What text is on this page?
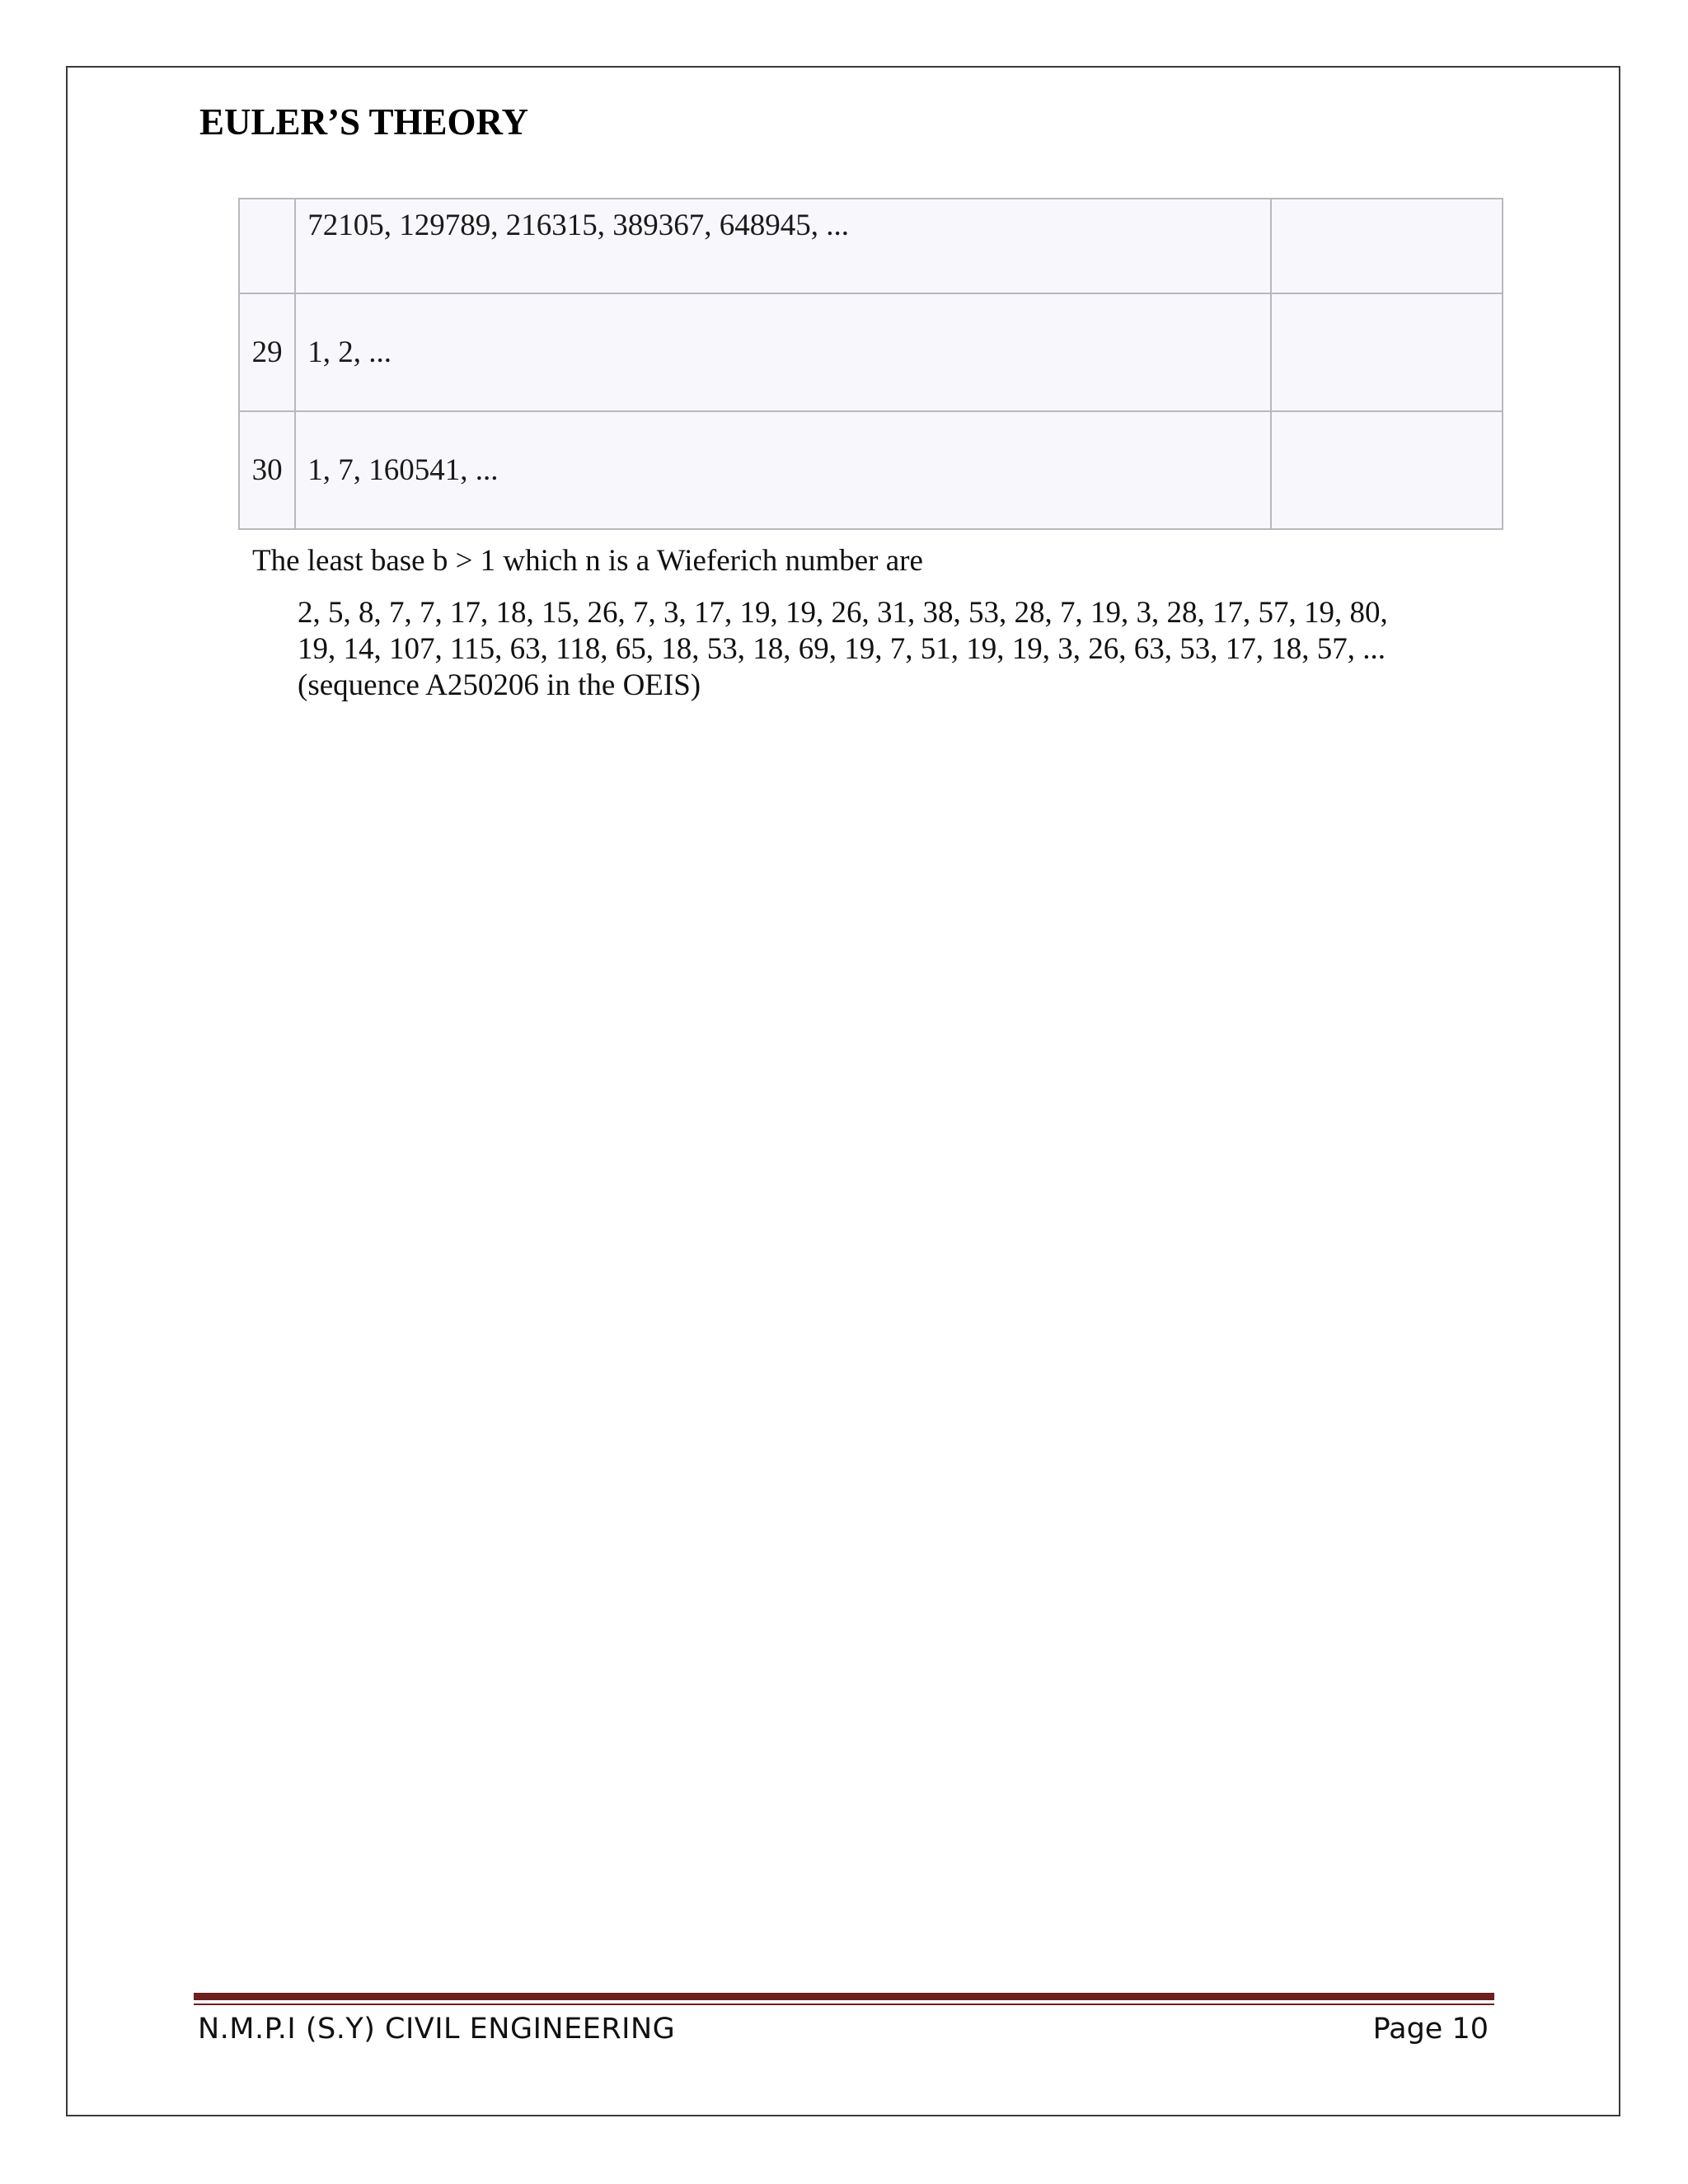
EULER’S THEORY
	72105, 129789, 216315, 389367, 648945, ...	
29	1, 2, ...	
30	1, 7, 160541, ...	
The least base b > 1 which n is a Wieferich number are
2, 5, 8, 7, 7, 17, 18, 15, 26, 7, 3, 17, 19, 19, 26, 31, 38, 53, 28, 7, 19, 3, 28, 17, 57, 19, 80,
19, 14, 107, 115, 63, 118, 65, 18, 53, 18, 69, 19, 7, 51, 19, 19, 3, 26, 63, 53, 17, 18, 57, ...
(sequence A250206 in the OEIS)
N.M.P.I (S.Y) CIVIL ENGINEERING	Page 10
